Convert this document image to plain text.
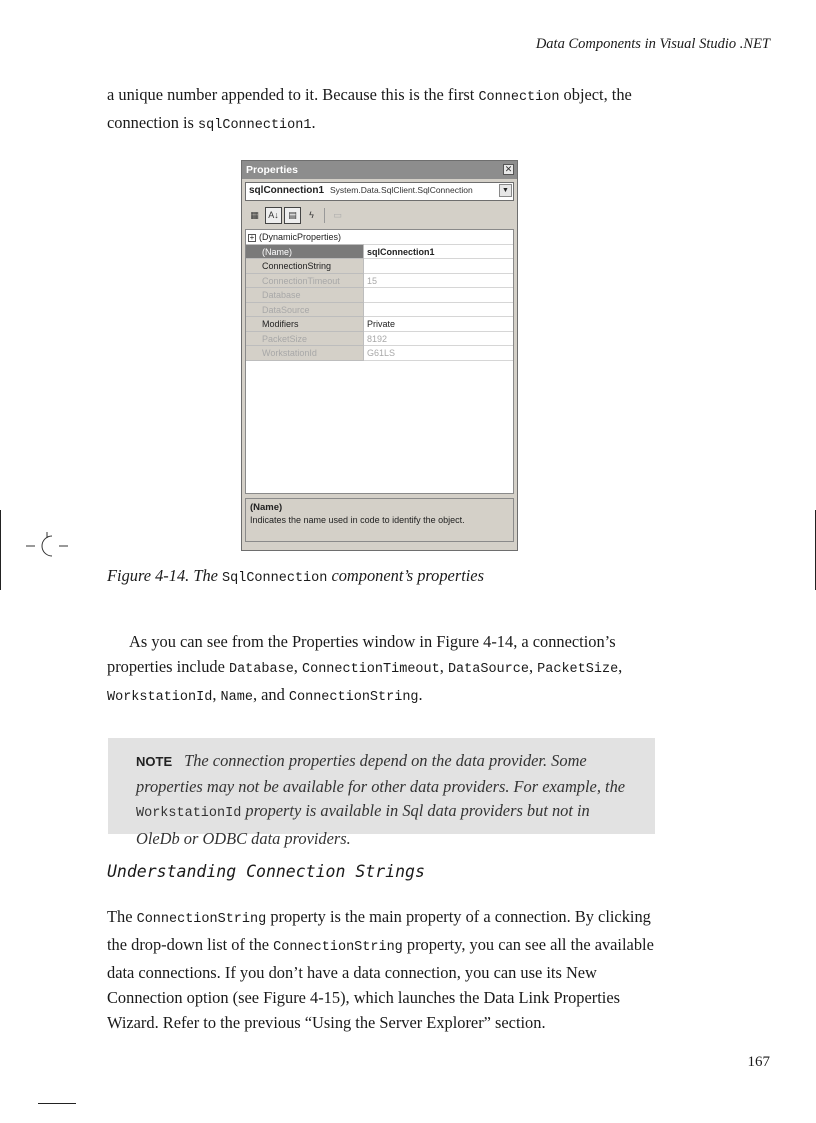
Data Components in Visual Studio .NET

a unique number appended to it. Because this is the first Connection object, the connection is sqlConnection1.

Properties	✕
sqlConnection1 System.Data.SqlClient.SqlConnection	▼
▦	A↓	▤	ϟ	▭
+ (DynamicProperties)
(Name)	sqlConnection1
ConnectionString
ConnectionTimeout	15
Database
DataSource
Modifiers	Private
PacketSize	8192
WorkstationId	G61LS
(Name)
Indicates the name used in code to identify the object.
Figure 4-14. The SqlConnection component’s properties

As you can see from the Properties window in Figure 4-14, a connection’s properties include Database, ConnectionTimeout, DataSource, PacketSize, WorkstationId, Name, and ConnectionString.

NOTE The connection properties depend on the data provider. Some properties may not be available for other data providers. For example, the WorkstationId property is available in Sql data providers but not in OleDb or ODBC data providers.
Understanding Connection Strings

The ConnectionString property is the main property of a connection. By clicking the drop-down list of the ConnectionString property, you can see all the available data connections. If you don’t have a data connection, you can use its New Connection option (see Figure 4-15), which launches the Data Link Properties Wizard. Refer to the previous “Using the Server Explorer” section.

167
